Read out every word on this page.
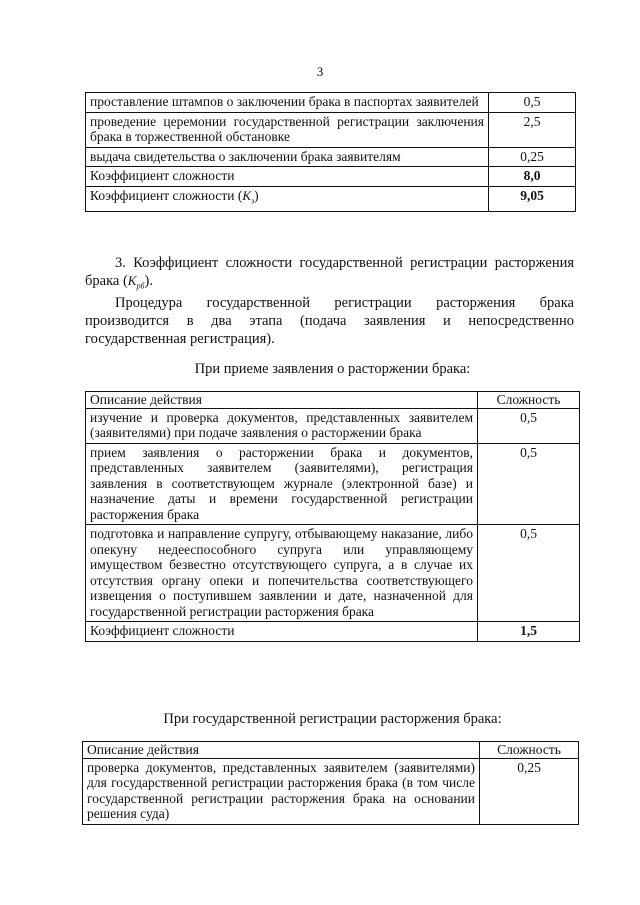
3
проставление штампов о заключении брака в паспортах заявителей	0,5
проведение церемонии государственной регистрации заключения брака в торжественной обстановке	2,5
выдача свидетельства о заключении брака заявителям	0,25
Коэффициент сложности	8,0
Коэффициент сложности $(K_з)$	9,05
3. Коэффициент сложности государственной регистрации расторжения брака $(K_{рб})$.
Процедура государственной регистрации расторжения брака производится в два этапа (подача заявления и непосредственно государственная регистрация).
При приеме заявления о расторжении брака:
Описание действия	Сложность
изучение и проверка документов, представленных заявителем (заявителями) при подаче заявления о расторжении брака	0,5
прием заявления о расторжении брака и документов, представленных заявителем (заявителями), регистрация заявления в соответствующем журнале (электронной базе) и назначение даты и времени государственной регистрации расторжения брака	0,5
подготовка и направление супругу, отбывающему наказание, либо опекуну недееспособного супруга или управляющему имуществом безвестно отсутствующего супруга, а в случае их отсутствия органу опеки и попечительства соответствующего извещения о поступившем заявлении и дате, назначенной для государственной регистрации расторжения брака	0,5
Коэффициент сложности	1,5
При государственной регистрации расторжения брака:
Описание действия	Сложность
проверка документов, представленных заявителем (заявителями) для государственной регистрации расторжения брака (в том числе государственной регистрации расторжения брака на основании решения суда)	0,25
